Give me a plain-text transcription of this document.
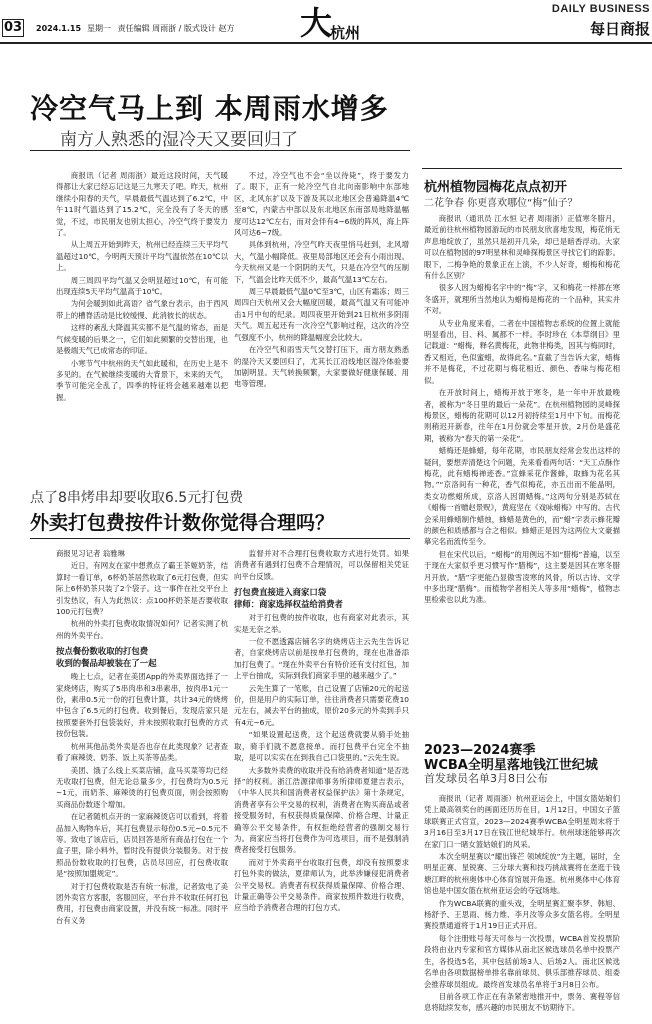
03 2024.1.15 星期一 责任编辑 周雨浙 / 版式设计 赵方 大
杭州
DAILY BUSINESS
每日商报
冷空气马上到 本周雨水增多
南方人熟悉的湿冷天又要回归了

商报讯（记者 周雨浙）最近这段时间，天气暖得都让大家已经忘记这是三九寒天了吧。昨天，杭州继续小阳春的天气，早晨最低气温达到了6.2℃，中午11时气温达到了15.2℃，完全没有了冬天的感觉，不过，市民朋友也别太担心，冷空气终于要发力了。

从上周五开始到昨天，杭州已经连续三天平均气温超过10℃，今明两天预计平均气温依然在10℃以上。

周三周四平均气温又会明显超过10℃，有可能出现连续5天平均气温高于10℃。

为何会暖到如此高语？省气象台表示，由于西风带上的槽脊活动是比较缓慢、此消彼长的状态。

这样的紊乱大降温其实都不是气温的常态，而是气候变暖的后果之一，它们如此频繁的交替出现，也是极端天气已成常态的印证。

小寒节气中杭州的天气如此暖和，在历史上是不多见的。在气候继续变暖的大背景下，未来的天气，季节可能完全乱了，四季的特征将会越来越难以把握。

不过，冷空气也不会“坐以待毙”，终于要发力了。眼下，正有一轮冷空气自北向南影响中东部地区，北风东扩以及下游及其以北地区会普遍降温4℃至8℃，内蒙古中部以及东北地区东南部局地降温幅度可达12℃左右，而对会伴有4~6级的阵风，海上阵风可达6~7级。

具体到杭州，冷空气昨天夜里悄马赶到，北风增大，气温小幅降低。夜里局部地区还会有小雨出现。今天杭州又是一个阴阴的天气，只是在冷空气的压制下，气温会比昨天低不少，最高气温13℃左右。

周三早晨最低气温0℃至3℃，山区有霜冻；周三周四白天杭州又会大幅度回暖，最高气温又有可能冲击1月中旬的纪录。周四夜里开始到21日杭州多阴雨天气。周五起还有一次冷空气影响过程，这次的冷空气强度不小，杭州的降温幅度会比较大。

在冷空气和雨雪天气交替打压下，南方朋友熟悉的湿冷天又要回归了，尤其长江沿线地区湿冷体验要加剧明显。天气转换频繁，大家要做好健康保暖、用电等管理。

杭州植物园梅花点点初开
二花争春 你更喜欢哪位“梅”仙子？

商报讯（通讯员 江水恒 记者 周雨浙）正值寒冬腊月，最近前往杭州植物园游玩的市民朋友欣喜地发现，梅花悄无声息地绽放了，虽然只是初开几朵，却已是暗香浮动。大家可以在植物园的97明星林和灵峰探梅景区寻找它们的踪影。眼下，二梅争艳的景象正在上演，不少人好奇，蜡梅和梅花有什么区别？

很多人因为蜡梅名字中的“梅”字，又和梅花一样都在寒冬盛开，就理所当然地认为蜡梅是梅花的一个品种，其实并不对。

从专业角度来看，二者在中国植物志系统的位置上就能明显看出，目、科、属都不一样。李时珍在《本草纲目》里记载道：“蜡梅，释名黄梅花，此物非梅类，因其与梅同时，香又相近，色似蜜蜡，故得此名。”直截了当告诉大家，蜡梅并不是梅花，不过花期与梅花相近、颜色、香味与梅花相似。

在开放时间上，蜡梅开放于寒冬，是一年中开放最晚者，被称为“冬日里的最后一朵花”。在杭州植物园的灵峰探梅景区，蜡梅的花期可以12月初持续至1月中下旬。而梅花则稍迟开新春，往年在1月份就会零星开放，2月份是盛花期，被称为“春天的第一朵花”。

蜡梅还是蜂蜡，每年花期，市民朋友经常会发出这样的疑问，要想弄清楚这个问题，先来看看两句话：“天工点酥作梅花，此有蜡梅禅迹香。”宣蜂采花作酱蜂，取蜂为花名其物。”“京洛间有一种花，香气似梅花，亦五出而不能晶明，类女功燃蜡所成，京洛人因谓蜡梅。”这两句分别是苏轼在《蜡梅一首赠赵景贶》，黄庭坚在《戏咏蜡梅》中写的。古代会采用蜂蜡制作蜡烛，蜂蜡是黄色的，而“蜡”字表示蜂花瓣的颜色和质感都与合之相似。蜂蜡正是因为这两位大文豪描摹完名而流传至今。

但在宋代以后，“蜡梅”的用例远不如“腊梅”普遍，以至于现在大家似乎更习惯写作“腊梅”，这主要是因其在寒冬腊月开放。“腊”字更能凸显傲雪凌寒的风骨，所以古诗、文学中多出现“腊梅”。而植物学者相关人等多用“蜡梅”，植物志里检索也以此为准。

2023—2024赛季
WCBA全明星落地钱江世纪城
首发球员名单3月8日公布

商报讯（记者 周雨浙）杭州亚运会上，中国女篮姑娘们凭上最高领奖台的画面还历历在目，1月12日，中国女子篮球联赛正式官宣，2023—2024赛季WCBA全明星周末将于3月16日至3月17日在钱江世纪城举行。杭州球迷能够再次在家门口一睹女篮姑娘们的风采。

本次全明星赛以“耀出锋芒 领域绽放”为主题，届时，全明星正赛、星锐赛、三分球大赛和技巧挑战赛将在垄逛于钱塘江畔的杭州奥体中心体育馆展开角逐。杭州奥体中心体育馆也是中国女篮在杭州亚运会的夺冠场地。

作为WCBA联赛的重头戏，全明星赛汇聚李梦、韩旭、杨舒予、王思雨、杨力维、李月汝等众多女篮名将。全明星赛投票通道将于1月19日正式开启。

每个注册账号每天可参与一次投票，WCBA首发投票阶段将由业内专家和官方媒体从南北区候选球员名单中投票产生，各投选5名，其中包括前场3人、后场2人。南北区候选名单由各项数据榜单排名靠前球员、俱乐部推荐球员、组委会推荐球员组成。最终首发球员名单将于3月8日公布。

目前各项工作正在有条紧密地推开中，票务、赛程等信息将陆续发布，感兴趣的市民朋友不妨期待下。

点了8串烤串却要收取6.5元打包费
外卖打包费按件计数你觉得合理吗？

商报见习记者 翁雅琳

近日，有网友在家中想煮点了霸王茶姬奶茶，结算时一看订单，6杯奶茶居然收取了6元打包费，但实际上6杯奶茶只装了2个袋子。这一事件在社交平台上引发热议，有人为此热议：点100杯奶茶是否要收取100元打包费？

杭州的外卖打包费收取情况如何？记者实测了杭州的外卖平台。

按点餐份数收取的打包费
收到的餐品却被装在了一起

晚上七点，记者在美团App的外卖界面选择了一家烧烤店，购买了5串肉串和3串素串，按肉串1元一份，素串0.5元一份的打包费计算，共计34元的烧烤中包含了6.5元的打包费。收到餐后，发现店家只是按照要套外打包袋装好，并未按照收取打包费的方式按份包装。

杭州其他品类外卖是否也存在此类现象？记者查看了麻辣烫、奶茶、饭上买茶等品类。

美团、饿了么线上买菜店铺，盒马买菜等均已经无收取打包费，但无论总量多少，打包费均为0.5元~1元，而奶茶、麻辣烫的打包费页面，则会按照购买商品份数逐个增加。

在记者随机点开的一家麻辣烫店可以看到，将着品加入购物车后，其打包费显示每份0.5元~0.5元不等。致电了该店后，店员回答是所有商品打包在一个盒子里，除小料外，暂时没有提供分装服务。对于按照品份数收取的打包费，店员尽回应，打包费收取是“按照加盟规定”。

对于打包费收取是否有统一标准，记者致电了美团外卖官方客服，客服回应，平台并不收取任何打包费用，打包费由商家设置，并没有统一标准。同时平台有义务

监督并对不合理打包费收取方式进行处罚。如果消费者有遇到打包费不合理情况，可以保留相关凭证向平台反馈。

打包费直接进入商家口袋
律师：商家选择权益给消费者

对于打包费的按件收取，也有商家对此表示，其实是无奈之举。

一位不愿透露店铺名字的烧烤店主云先生告诉记者，自家烧烤店以前是按单打包费的，现在也准备添加打包费了。“现在外卖平台有特价还有支付红包，加上平台抽成，实际到我们商家手里的越来越少了。”

云先生算了一笔账，自己设置了店铺20元的起送价，但是用户的实际订单，往往消费者只需要花费10元左右，减去平台的抽成，原价20多元的外卖到手只有4元~6元。

“如果设置起送费，这个起送费就要从骑手处抽取，骑手们就不愿意接单。而打包费平台完全不抽取，是可以实实在在到我自己口袋里的。”云先生说。

大多数外卖费的收取并没有给消费者知道“是否选择”的权利。浙江浩源律师事务所律师夏建吉表示，《中华人民共和国消费者权益保护法》第十条规定，消费者享有公平交易的权利，消费者在购买商品或者接受服务时，有权获得质量保障、价格合理、计量正确等公平交易条件，有权拒绝经营者的强制交易行为。商家应当将打包费作为可选项目，而不是强制消费者接受打包服务。

而对于外卖商平台收取打包费，却没有按照要求打包外卖的做法，夏律师认为，此举涉嫌侵犯消费者公平交易权。消费者有权获得质量保障、价格合理、计量正确等公平交易条件。商家按照件数进行收费，应当给予消费者合理的打包方式。
